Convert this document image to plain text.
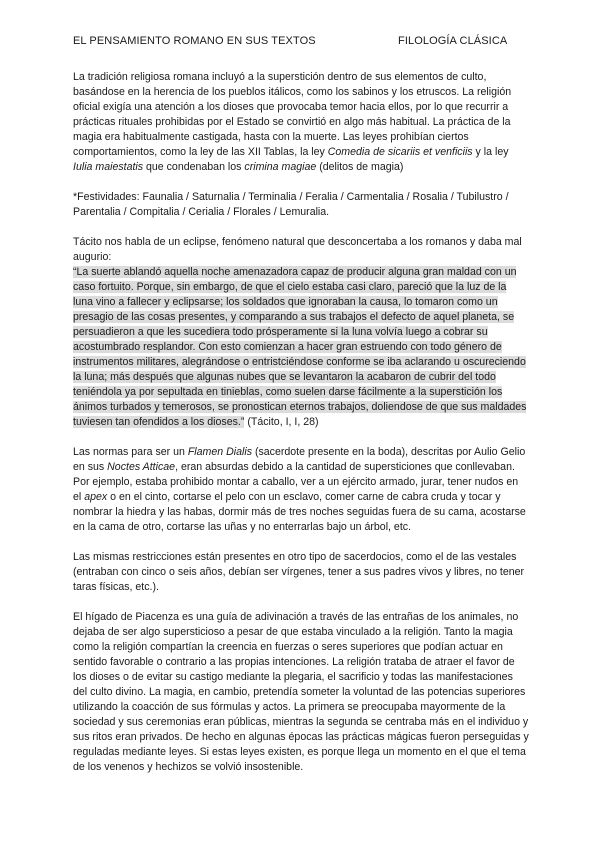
EL PENSAMIENTO ROMANO EN SUS TEXTOS	FILOLOGÍA CLÁSICA

La tradición religiosa romana incluyó a la superstición dentro de sus elementos de culto, basándose en la herencia de los pueblos itálicos, como los sabinos y los etruscos. La religión oficial exigía una atención a los dioses que provocaba temor hacia ellos, por lo que recurrir a prácticas rituales prohibidas por el Estado se convirtió en algo más habitual. La práctica de la magia era habitualmente castigada, hasta con la muerte. Las leyes prohibían ciertos comportamientos, como la ley de las XII Tablas, la ley Comedia de sicariis et venficiis y la ley Iulia maiestatis que condenaban los crimina magiae (delitos de magia)

*Festividades: Faunalia / Saturnalia / Terminalia / Feralia / Carmentalia / Rosalia / Tubilustro / Parentalia / Compitalia / Cerialia / Florales / Lemuralia.

Tácito nos habla de un eclipse, fenómeno natural que desconcertaba a los romanos y daba mal augurio:

“La suerte ablandó aquella noche amenazadora capaz de producir alguna gran maldad con un caso fortuito. Porque, sin embargo, de que el cielo estaba casi claro, pareció que la luz de la luna vino a fallecer y eclipsarse; los soldados que ignoraban la causa, lo tomaron como un presagio de las cosas presentes, y comparando a sus trabajos el defecto de aquel planeta, se persuadieron a que les sucediera todo prósperamente si la luna volvía luego a cobrar su acostumbrado resplandor. Con esto comienzan a hacer gran estruendo con todo género de instrumentos militares, alegrándose o entristciéndose conforme se iba aclarando u oscureciendo la luna; más después que algunas nubes que se levantaron la acabaron de cubrir del todo teniéndola ya por sepultada en tinieblas, como suelen darse fácilmente a la superstición los ánimos turbados y temerosos, se pronostican eternos trabajos, doliendose de que sus maldades tuviesen tan ofendidos a los dioses.” (Tácito, I, I, 28)

Las normas para ser un Flamen Dialis (sacerdote presente en la boda), descritas por Aulio Gelio en sus Noctes Atticae, eran absurdas debido a la cantidad de supersticiones que conllevaban. Por ejemplo, estaba prohibido montar a caballo, ver a un ejército armado, jurar, tener nudos en el apex o en el cinto, cortarse el pelo con un esclavo, comer carne de cabra cruda y tocar y nombrar la hiedra y las habas, dormir más de tres noches seguidas fuera de su cama, acostarse en la cama de otro, cortarse las uñas y no enterrarlas bajo un árbol, etc.

Las mismas restricciones están presentes en otro tipo de sacerdocios, como el de las vestales (entraban con cinco o seis años, debían ser vírgenes, tener a sus padres vivos y libres, no tener taras físicas, etc.).

El hígado de Piacenza es una guía de adivinación a través de las entrañas de los animales, no dejaba de ser algo supersticioso a pesar de que estaba vinculado a la religión. Tanto la magia como la religión compartían la creencia en fuerzas o seres superiores que podían actuar en sentido favorable o contrario a las propias intenciones. La religión trataba de atraer el favor de los dioses o de evitar su castigo mediante la plegaria, el sacrificio y todas las manifestaciones del culto divino. La magia, en cambio, pretendía someter la voluntad de las potencias superiores utilizando la coacción de sus fórmulas y actos. La primera se preocupaba mayormente de la sociedad y sus ceremonias eran públicas, mientras la segunda se centraba más en el individuo y sus ritos eran privados. De hecho en algunas épocas las prácticas mágicas fueron perseguidas y reguladas mediante leyes. Si estas leyes existen, es porque llega un momento en el que el tema de los venenos y hechizos se volvió insostenible.
